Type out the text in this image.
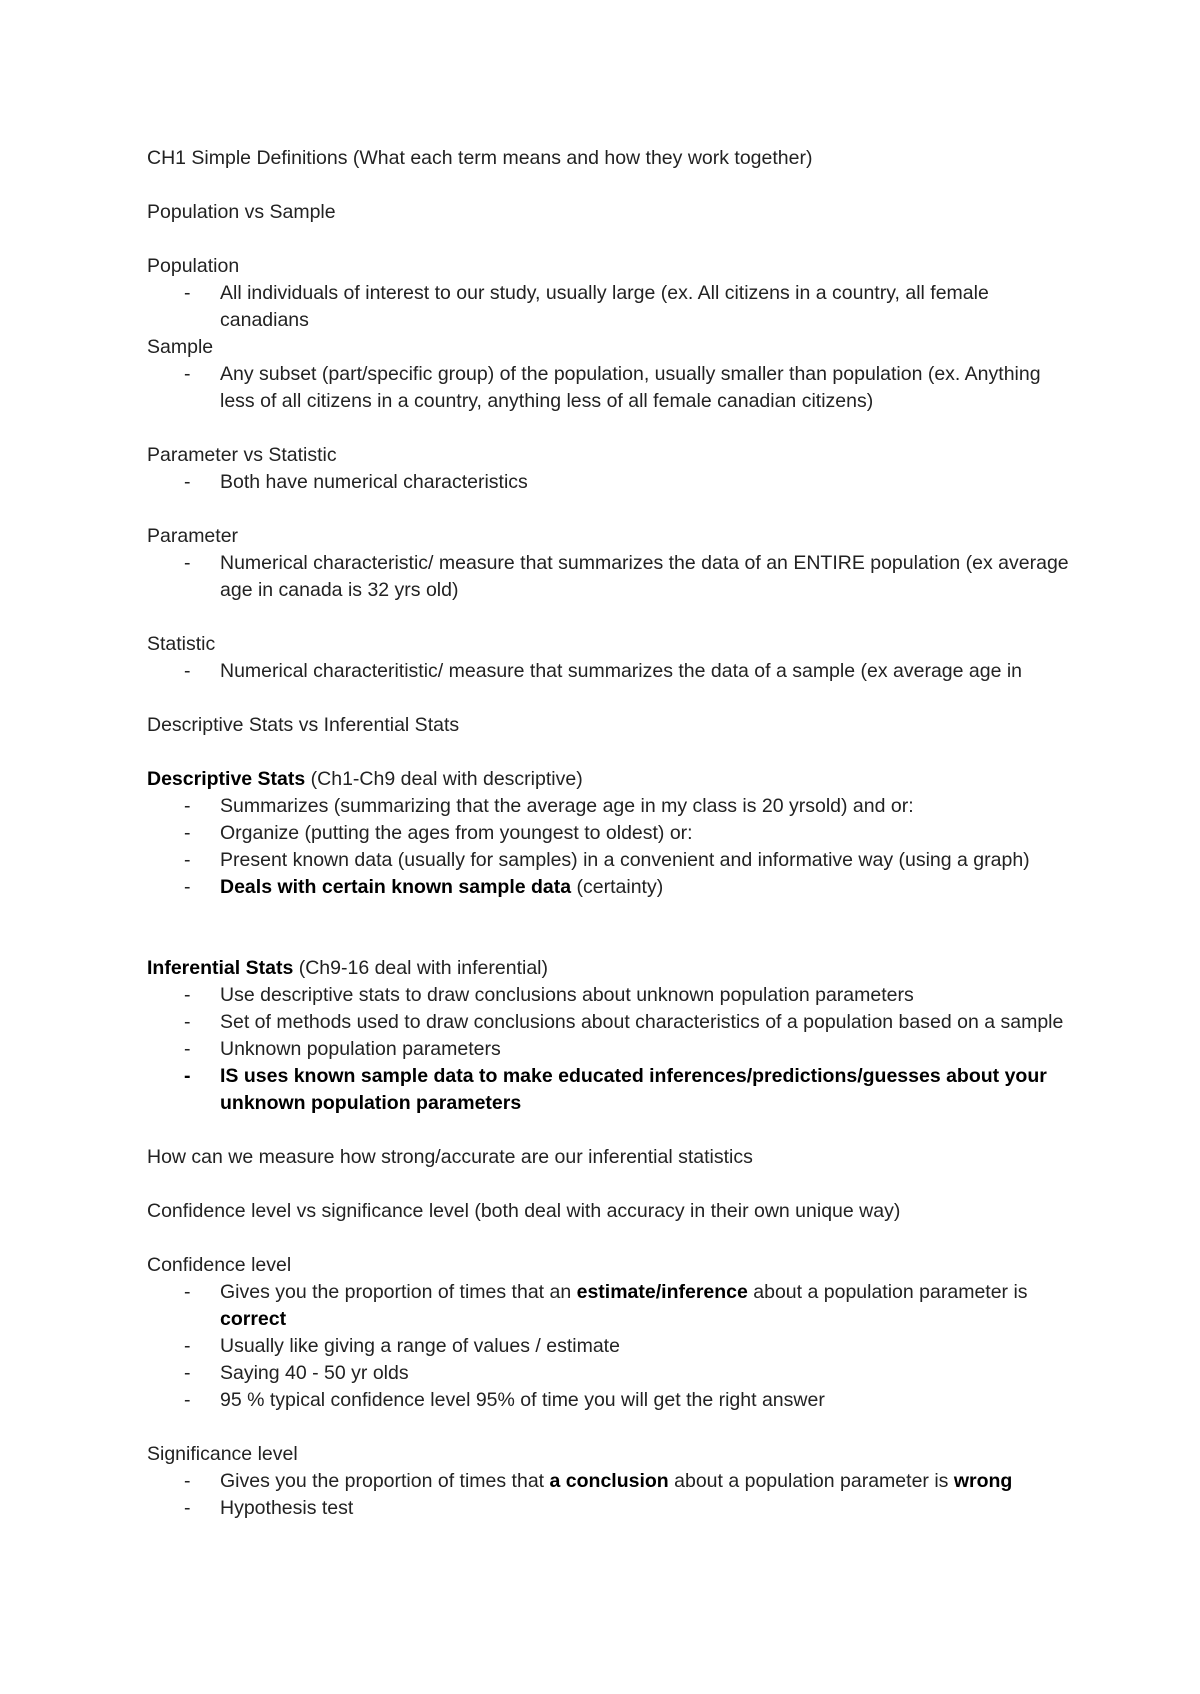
CH1 Simple Definitions (What each term means and how they work together)

Population vs Sample

Population

- All individuals of interest to our study, usually large (ex. All citizens in a country, all female canadians

Sample

- Any subset (part/specific group) of the population, usually smaller than population (ex. Anything less of all citizens in a country, anything less of all female canadian citizens)

Parameter vs Statistic

- Both have numerical characteristics

Parameter

- Numerical characteristic/ measure that summarizes the data of an ENTIRE population (ex average age in canada is 32 yrs old)

Statistic

- Numerical characteritistic/ measure that summarizes the data of a sample (ex average age in

Descriptive Stats vs Inferential Stats

Descriptive Stats (Ch1-Ch9 deal with descriptive)

- Summarizes (summarizing that the average age in my class is 20 yrsold) and or:
- Organize (putting the ages from youngest to oldest) or:
- Present known data (usually for samples) in a convenient and informative way (using a graph)
- Deals with certain known sample data (certainty)

Inferential Stats (Ch9-16 deal with inferential)

- Use descriptive stats to draw conclusions about unknown population parameters
- Set of methods used to draw conclusions about characteristics of a population based on a sample
- Unknown population parameters
- IS uses known sample data to make educated inferences/predictions/guesses about your unknown population parameters

How can we measure how strong/accurate are our inferential statistics

Confidence level vs significance level (both deal with accuracy in their own unique way)

Confidence level

- Gives you the proportion of times that an estimate/inference about a population parameter is correct
- Usually like giving a range of values / estimate
- Saying 40 - 50 yr olds
- 95 % typical confidence level 95% of time you will get the right answer

Significance level

- Gives you the proportion of times that a conclusion about a population parameter is wrong
- Hypothesis test
